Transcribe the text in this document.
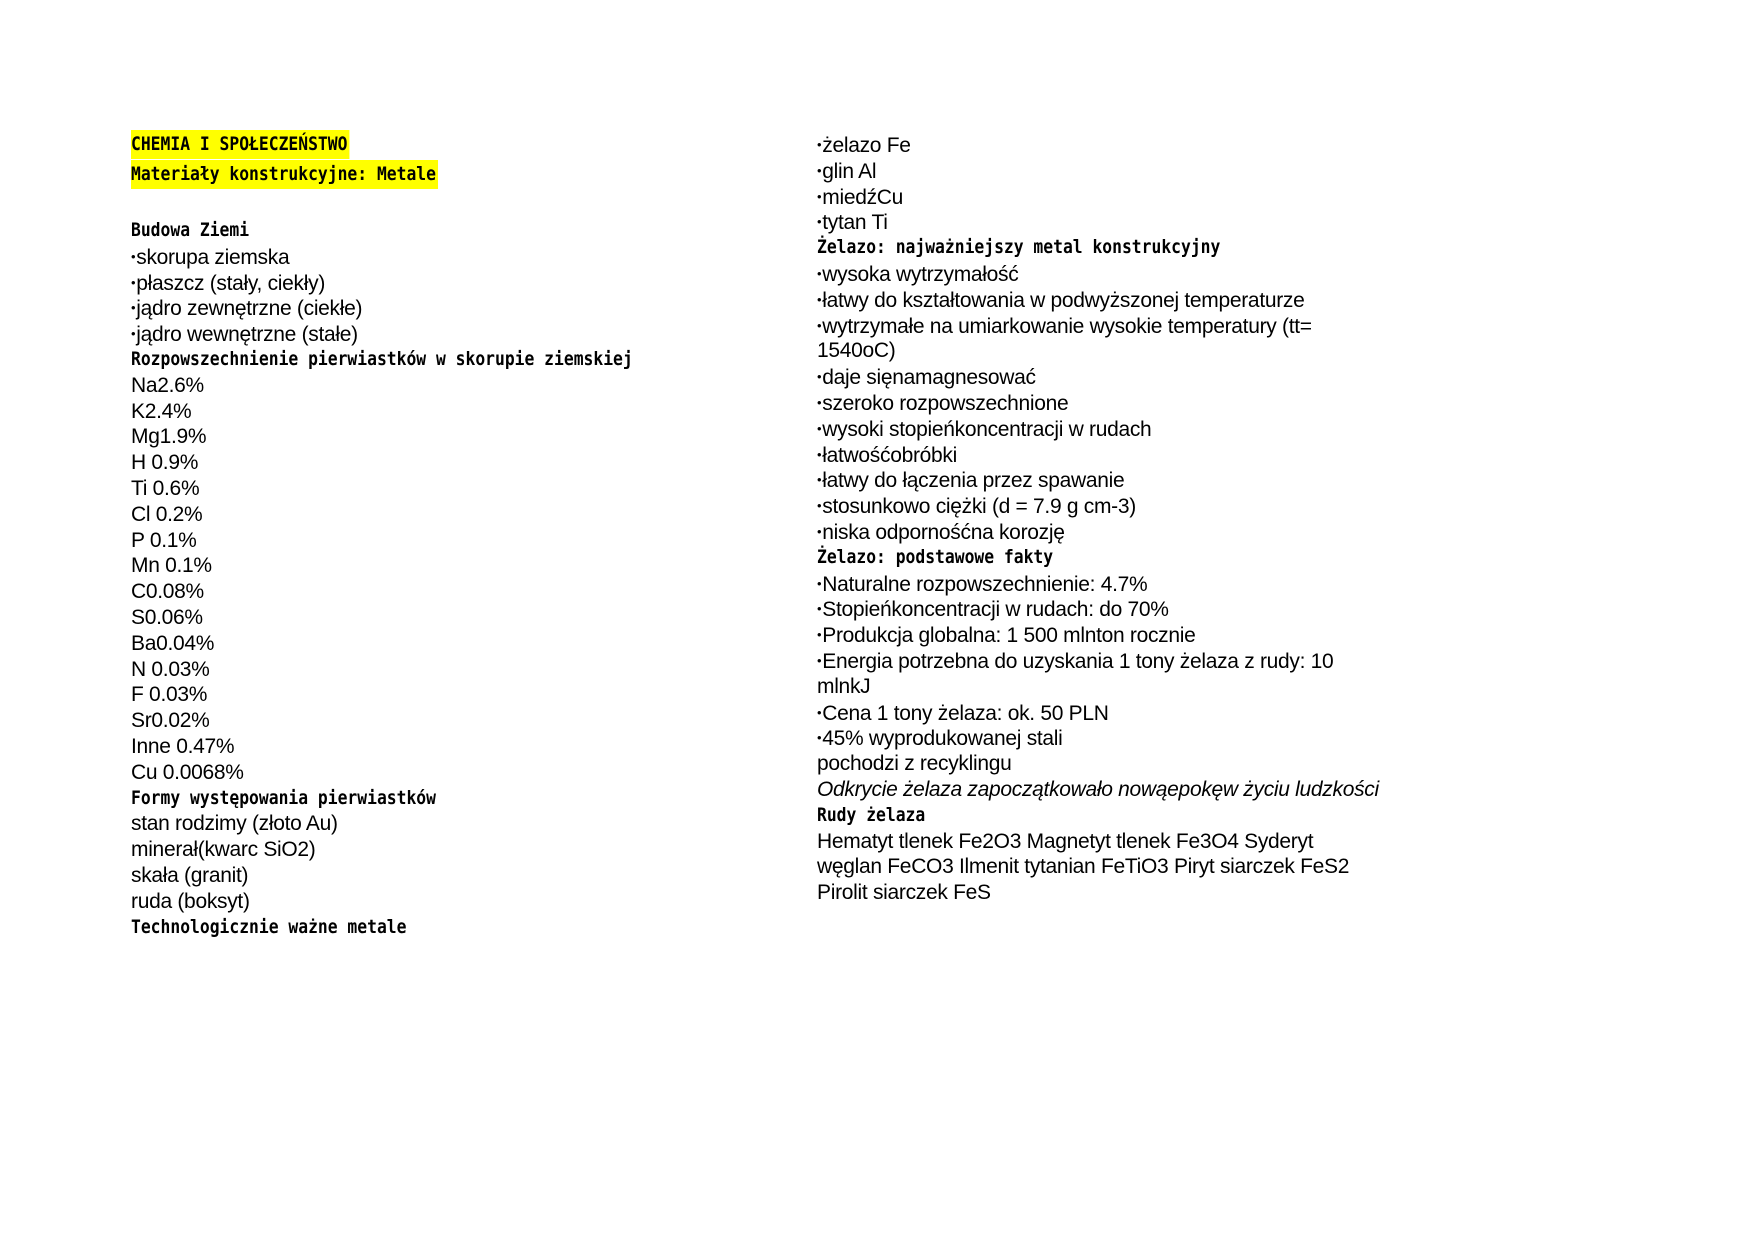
CHEMIA I SPOŁECZEŃSTWO
Materiały konstrukcyjne: Metale
Budowa Ziemi
• skorupa ziemska
• płaszcz (stały, ciekły)
• jądro zewnętrzne (ciekłe)
• jądro wewnętrzne (stałe)
Rozpowszechnienie pierwiastków w skorupie ziemskiej
Na2.6%
K2.4%
Mg1.9%
H 0.9%
Ti 0.6%
Cl 0.2%
P 0.1%
Mn 0.1%
C0.08%
S0.06%
Ba0.04%
N 0.03%
F 0.03%
Sr0.02%
Inne 0.47%
Cu 0.0068%
Formy występowania pierwiastków
stan rodzimy (złoto Au)
minerał(kwarc SiO2)
skała (granit)
ruda (boksyt)
Technologicznie ważne metale
• żelazo Fe
• glin Al
• miedźCu
• tytan Ti
Żelazo: najważniejszy metal konstrukcyjny
• wysoka wytrzymałość
• łatwy do kształtowania w podwyższonej temperaturze
• wytrzymałe na umiarkowanie wysokie temperatury (tt=
1540oC)
• daje sięnamagnesować
• szeroko rozpowszechnione
• wysoki stopieńkoncentracji w rudach
• łatwośćobróbki
• łatwy do łączenia przez spawanie
• stosunkowo ciężki (d = 7.9 g cm-3)
• niska odpornośćna korozję
Żelazo: podstawowe fakty
• Naturalne rozpowszechnienie: 4.7%
• Stopieńkoncentracji w rudach: do 70%
• Produkcja globalna: 1 500 mlnton rocznie
• Energia potrzebna do uzyskania 1 tony żelaza z rudy: 10
mlnkJ
• Cena 1 tony żelaza: ok. 50 PLN
• 45% wyprodukowanej stali
pochodzi z recyklingu
Odkrycie żelaza zapoczątkowało nowąepokęw życiu ludzkości
Rudy żelaza
Hematyt tlenek Fe2O3 Magnetyt tlenek Fe3O4 Syderyt
węglan FeCO3 Ilmenit tytanian FeTiO3 Piryt siarczek FeS2
Pirolit siarczek FeS
